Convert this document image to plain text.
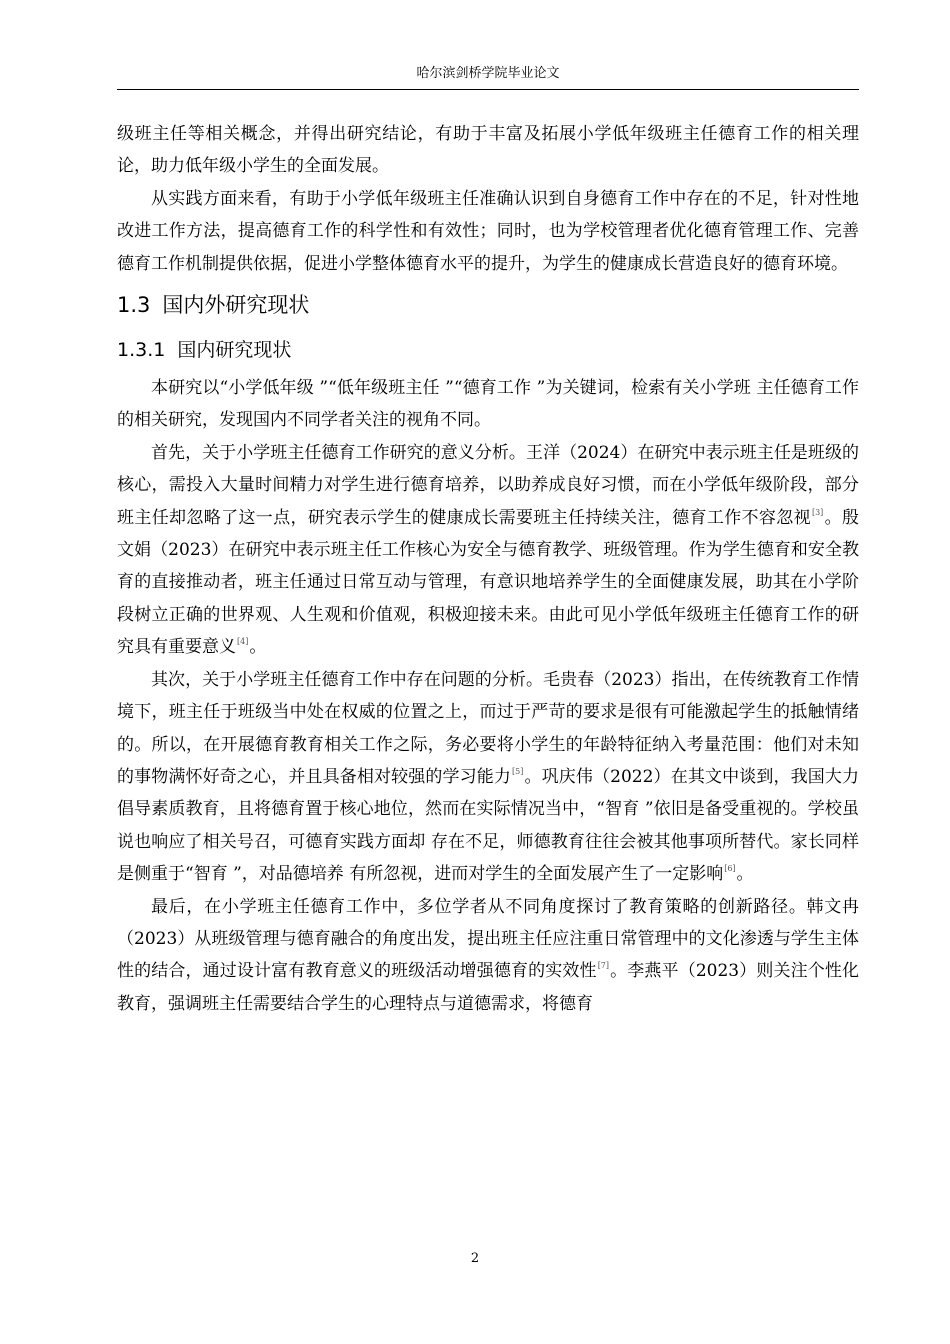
哈尔滨剑桥学院毕业论文

级班主任等相关概念，并得出研究结论，有助于丰富及拓展小学低年级班主任德育工作的相关理论，助力低年级小学生的全面发展。

从实践方面来看，有助于小学低年级班主任准确认识到自身德育工作中存在的不足，针对性地改进工作方法，提高德育工作的科学性和有效性；同时，也为学校管理者优化德育管理工作、完善德育工作机制提供依据，促进小学整体德育水平的提升，为学生的健康成长营造良好的德育环境。

1.3 国内外研究现状
1.3.1 国内研究现状

本研究以“小学低年级 ”“低年级班主任 ”“德育工作 ”为关键词，检索有关小学班 主任德育工作的相关研究，发现国内不同学者关注的视角不同。

首先，关于小学班主任德育工作研究的意义分析。王洋（2024）在研究中表示班主任是班级的核心，需投入大量时间精力对学生进行德育培养，以助养成良好习惯，而在小学低年级阶段，部分班主任却忽略了这一点，研究表示学生的健康成长需要班主任持续关注，德育工作不容忽视[3]。殷文娟（2023）在研究中表示班主任工作核心为安全与德育教学、班级管理。作为学生德育和安全教育的直接推动者，班主任通过日常互动与管理，有意识地培养学生的全面健康发展，助其在小学阶段树立正确的世界观、人生观和价值观，积极迎接未来。由此可见小学低年级班主任德育工作的研究具有重要意义[4]。

其次，关于小学班主任德育工作中存在问题的分析。毛贵春（2023）指出，在传统教育工作情境下，班主任于班级当中处在权威的位置之上，而过于严苛的要求是很有可能激起学生的抵触情绪的。所以，在开展德育教育相关工作之际，务必要将小学生的年龄特征纳入考量范围：他们对未知的事物满怀好奇之心，并且具备相对较强的学习能力[5]。巩庆伟（2022）在其文中谈到，我国大力倡导素质教育，且将德育置于核心地位，然而在实际情况当中，“智育 ”依旧是备受重视的。学校虽说也响应了相关号召，可德育实践方面却 存在不足，师德教育往往会被其他事项所替代。家长同样是侧重于“智育 ”，对品德培养 有所忽视，进而对学生的全面发展产生了一定影响[6]。

最后，在小学班主任德育工作中，多位学者从不同角度探讨了教育策略的创新路径。韩文冉（2023）从班级管理与德育融合的角度出发，提出班主任应注重日常管理中的文化渗透与学生主体性的结合，通过设计富有教育意义的班级活动增强德育的实效性[7]。李燕平（2023）则关注个性化教育，强调班主任需要结合学生的心理特点与道德需求，将德育

2
